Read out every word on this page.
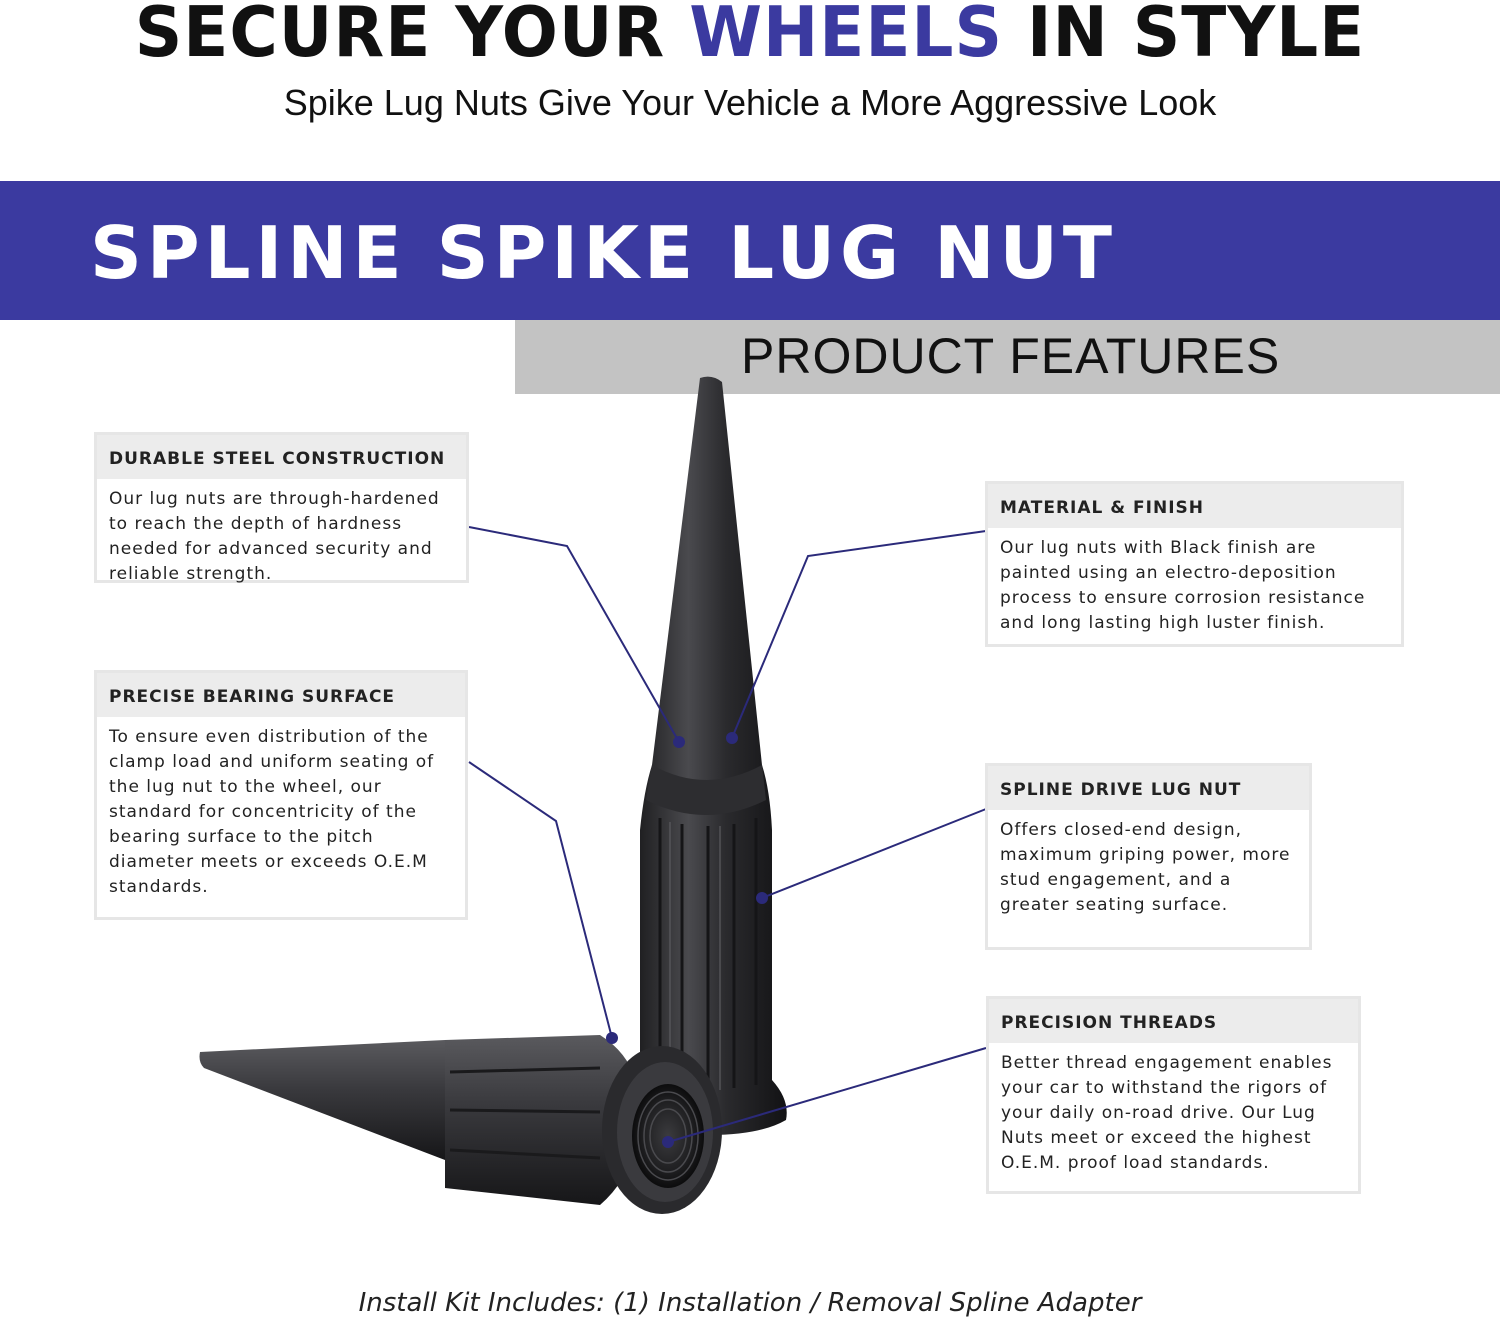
SECURE YOUR WHEELS IN STYLE
Spike Lug Nuts Give Your Vehicle a More Aggressive Look
SPLINE SPIKE LUG NUT
PRODUCT FEATURES
DURABLE STEEL CONSTRUCTION
Our lug nuts are through-hardened to reach the depth of hardness needed for advanced security and reliable strength.
MATERIAL & FINISH
Our lug nuts with Black finish are painted using an electro-deposition process to ensure corrosion resistance and long lasting high luster finish.
PRECISE BEARING SURFACE
To ensure even distribution of the clamp load and uniform seating of the lug nut to the wheel, our standard for concentricity of the bearing surface to the pitch diameter meets or exceeds O.E.M standards.
SPLINE DRIVE LUG NUT
Offers closed-end design, maximum griping power, more stud engagement, and a greater seating surface.
PRECISION THREADS
Better thread engagement enables your car to withstand the rigors of your daily on-road drive. Our Lug Nuts meet or exceed the highest O.E.M. proof load standards.
Install Kit Includes: (1) Installation / Removal Spline Adapter
